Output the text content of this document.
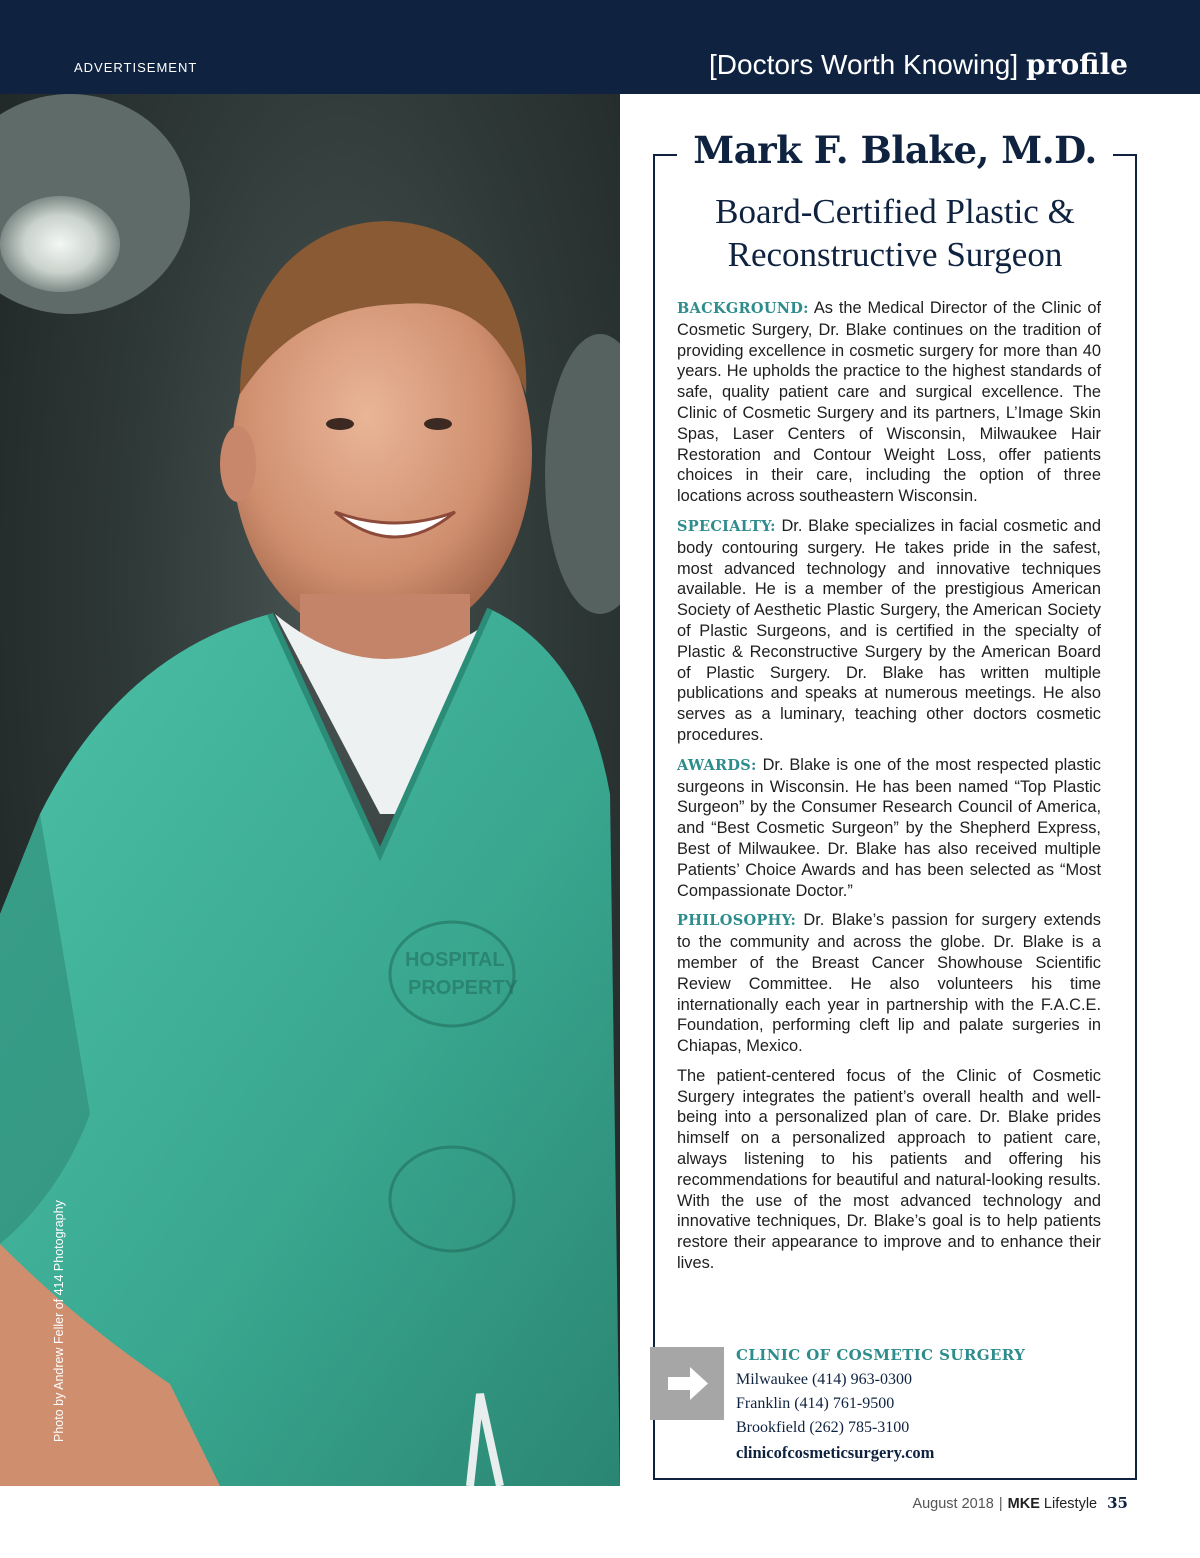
ADVERTISEMENT	[Doctors Worth Knowing] profile
HOSPITAL
PROPERTY
Photo by Andrew Feller of 414 Photography
Mark F. Blake, M.D.
Board-Certified Plastic &
Reconstructive Surgeon

BACKGROUND: As the Medical Director of the Clinic of Cosmetic Surgery, Dr. Blake continues on the tradition of providing excellence in cosmetic surgery for more than 40 years. He upholds the practice to the highest standards of safe, quality patient care and surgical excellence. The Clinic of Cosmetic Surgery and its partners, L’Image Skin Spas, Laser Centers of Wisconsin, Milwaukee Hair Restoration and Contour Weight Loss, offer patients choices in their care, including the option of three locations across southeastern Wisconsin.

SPECIALTY: Dr. Blake specializes in facial cosmetic and body contouring surgery. He takes pride in the safest, most advanced technology and innovative techniques available. He is a member of the prestigious American Society of Aesthetic Plastic Surgery, the American Society of Plastic Surgeons, and is certified in the specialty of Plastic & Reconstructive Surgery by the American Board of Plastic Surgery. Dr. Blake has written multiple publications and speaks at numerous meetings. He also serves as a luminary, teaching other doctors cosmetic procedures.

AWARDS: Dr. Blake is one of the most respected plastic surgeons in Wisconsin. He has been named “Top Plastic Surgeon” by the Consumer Research Council of America, and “Best Cosmetic Surgeon” by the Shepherd Express, Best of Milwaukee. Dr. Blake has also received multiple Patients’ Choice Awards and has been selected as “Most Compassionate Doctor.”

PHILOSOPHY: Dr. Blake’s passion for surgery extends to the community and across the globe. Dr. Blake is a member of the Breast Cancer Showhouse Scientific Review Committee. He also volunteers his time internationally each year in partnership with the F.A.C.E. Foundation, performing cleft lip and palate surgeries in Chiapas, Mexico.

The patient-centered focus of the Clinic of Cosmetic Surgery integrates the patient’s overall health and well-being into a personalized plan of care. Dr. Blake prides himself on a personalized approach to patient care, always listening to his patients and offering his recommendations for beautiful and natural-looking results. With the use of the most advanced technology and innovative techniques, Dr. Blake’s goal is to help patients restore their appearance to improve and to enhance their lives.

CLINIC OF COSMETIC SURGERY
Milwaukee (414) 963-0300
Franklin (414) 761-9500
Brookfield (262) 785-3100
clinicofcosmeticsurgery.com
August 2018 | MKE Lifestyle 35
